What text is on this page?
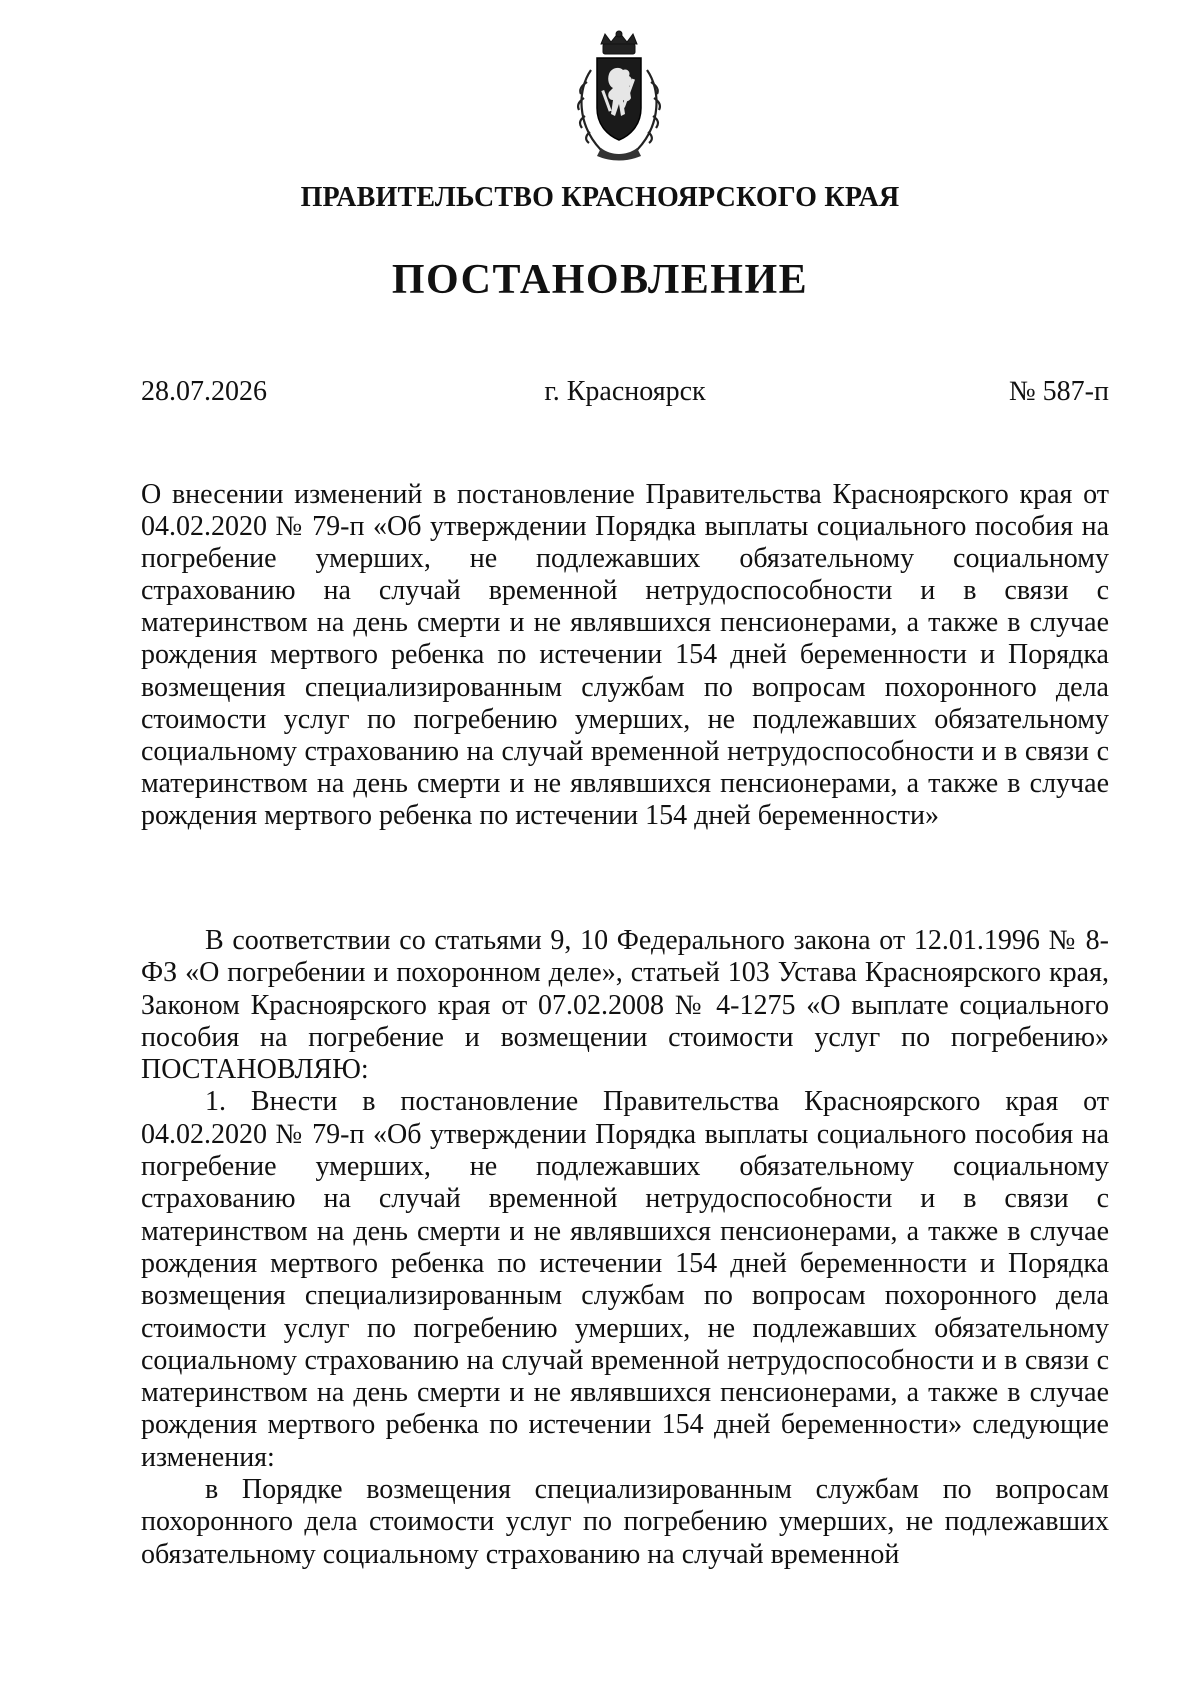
ПРАВИТЕЛЬСТВО КРАСНОЯРСКОГО КРАЯ
ПОСТАНОВЛЕНИЕ
28.07.2026	г. Красноярск	№ 587-п
О внесении изменений в постановление Правительства Красноярского края от 04.02.2020 № 79-п «Об утверждении Порядка выплаты социального пособия на погребение умерших, не подлежавших обязательному социальному страхованию на случай временной нетрудоспособности и в связи с материнством на день смерти и не являвшихся пенсионерами, а также в случае рождения мертвого ребенка по истечении 154 дней беременности и Порядка возмещения специализированным службам по вопросам похоронного дела стоимости услуг по погребению умерших, не подлежавших обязательному социальному страхованию на случай временной нетрудоспособности и в связи с материнством на день смерти и не являвшихся пенсионерами, а также в случае рождения мертвого ребенка по истечении 154 дней беременности»

В соответствии со статьями 9, 10 Федерального закона от 12.01.1996 № 8-ФЗ «О погребении и похоронном деле», статьей 103 Устава Красноярского края, Законом Красноярского края от 07.02.2008 № 4-1275 «О выплате социального пособия на погребение и возмещении стоимости услуг по погребению» ПОСТАНОВЛЯЮ:

1. Внести в постановление Правительства Красноярского края от 04.02.2020 № 79-п «Об утверждении Порядка выплаты социального пособия на погребение умерших, не подлежавших обязательному социальному страхованию на случай временной нетрудоспособности и в связи с материнством на день смерти и не являвшихся пенсионерами, а также в случае рождения мертвого ребенка по истечении 154 дней беременности и Порядка возмещения специализированным службам по вопросам похоронного дела стоимости услуг по погребению умерших, не подлежавших обязательному социальному страхованию на случай временной нетрудоспособности и в связи с материнством на день смерти и не являвшихся пенсионерами, а также в случае рождения мертвого ребенка по истечении 154 дней беременности» следующие изменения:

в Порядке возмещения специализированным службам по вопросам похоронного дела стоимости услуг по погребению умерших, не подлежавших обязательному социальному страхованию на случай временной
